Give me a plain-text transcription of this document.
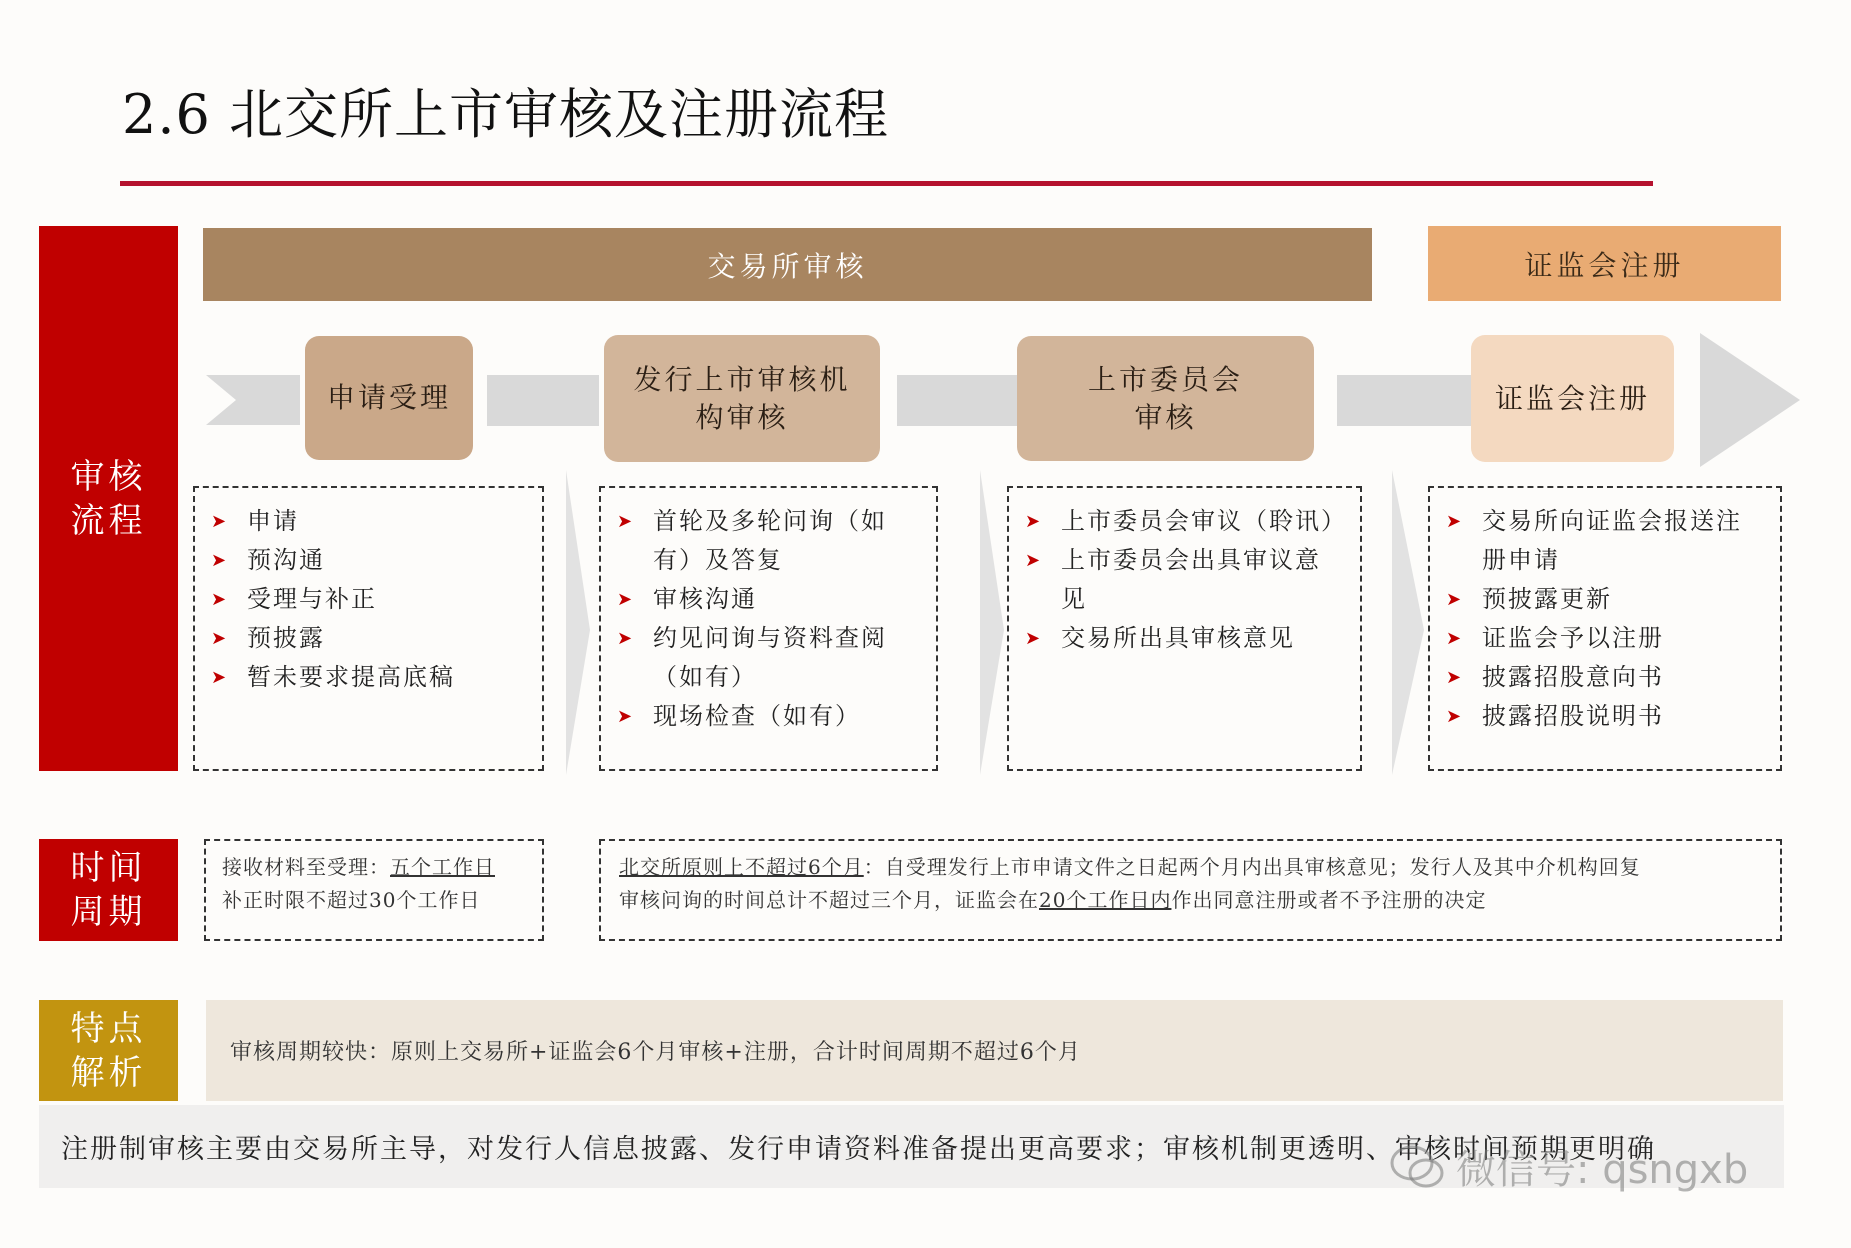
2.6 北交所上市审核及注册流程
审核
流程
时间
周期
特点
解析
交易所审核	证监会注册
申请受理
发行上市审核机
构审核
上市委员会
审核
证监会注册
➤ 申请
➤ 预沟通
➤ 受理与补正
➤ 预披露
➤ 暂未要求提高底稿
➤ 首轮及多轮问询（如有）及答复
➤ 审核沟通
➤ 约见问询与资料查阅（如有）
➤ 现场检查（如有）
➤ 上市委员会审议（聆讯）
➤ 上市委员会出具审议意见
➤ 交易所出具审核意见
➤ 交易所向证监会报送注册申请
➤ 预披露更新
➤ 证监会予以注册
➤ 披露招股意向书
➤ 披露招股说明书
接收材料至受理：五个工作日
补正时限不超过30个工作日
北交所原则上不超过6个月：自受理发行上市申请文件之日起两个月内出具审核意见；发行人及其中介机构回复
审核问询的时间总计不超过三个月，证监会在20个工作日内作出同意注册或者不予注册的决定
审核周期较快：原则上交易所+证监会6个月审核+注册，合计时间周期不超过6个月
注册制审核主要由交易所主导，对发行人信息披露、发行申请资料准备提出更高要求；审核机制更透明、审核时间预期更明确
微信号: qsngxb
